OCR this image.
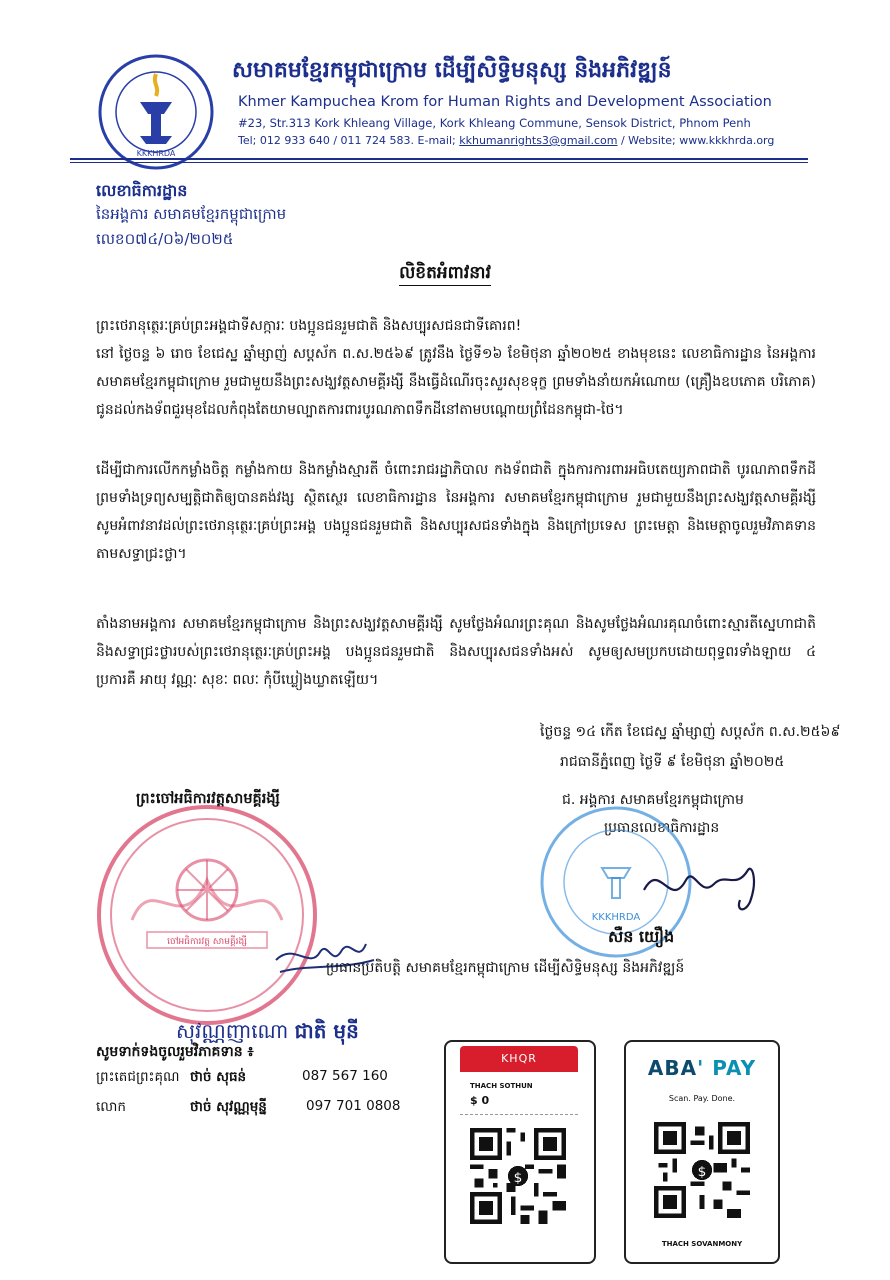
KKKHRDA
សមាគមខ្មែរកម្ពុជាក្រោម ដើម្បីសិទ្ធិមនុស្ស និងអភិវឌ្ឍន៍
Khmer Kampuchea Krom for Human Rights and Development Association
#23, Str.313 Kork Khleang Village, Kork Khleang Commune, Sensok District, Phnom Penh
Tel; 012 933 640 / 011 724 583. E-mail; kkhumanrights3@gmail.com / Website; www.kkkhrda.org
លេខាធិការដ្ឋាន
នៃអង្គការ សមាគមខ្មែរកម្ពុជាក្រោម
លេខ០៧៤/០៦/២០២៥
លិខិតអំពាវនាវ
ព្រះថេរានុត្ថេរៈគ្រប់ព្រះអង្គជាទីសក្ការៈ បងប្អូនជនរួមជាតិ និងសប្បុរសជនជាទីគោរព!
នៅ ថ្ងៃចន្ទ ៦ រោច ខែជេស្ឋ ឆ្នាំម្សាញ់ សប្តស័ក ព.ស.២៥៦៩ ត្រូវនឹង ថ្ងៃទី១៦ ខែមិថុនា ឆ្នាំ២០២៥ ខាងមុខនេះ លេខាធិការដ្ឋាន នៃអង្គការ សមាគមខ្មែរកម្ពុជាក្រោម រួមជាមួយនឹងព្រះសង្ឃវត្តសាមគ្គីរង្សី នឹងធ្វើដំណើរចុះសួរសុខទុក្ខ ព្រមទាំងនាំយកអំណោយ (គ្រឿងឧបភោគ បរិភោគ) ជូនដល់កងទ័ពជួរមុខដែលកំពុងតែយាមល្បាតការពារបូរណភាពទឹកដីនៅតាមបណ្តោយព្រំដែនកម្ពុជា-ថៃ។
ដើម្បីជាការលើកកម្លាំងចិត្ត កម្លាំងកាយ និងកម្លាំងស្មារតី ចំពោះរាជរដ្ឋាភិបាល កងទ័ពជាតិ ក្នុងការការពារអធិបតេយ្យភាពជាតិ បូរណភាពទឹកដី ព្រមទាំងទ្រព្យសម្បត្តិជាតិឲ្យបានគង់វង្ស ស្ថិតស្ថេរ លេខាធិការដ្ឋាន នៃអង្គការ សមាគមខ្មែរកម្ពុជាក្រោម រួមជាមួយនឹងព្រះសង្ឃវត្តសាមគ្គីរង្សី សូមអំពាវនាវដល់ព្រះថេរានុត្ថេរៈគ្រប់ព្រះអង្គ បងប្អូនជនរួមជាតិ និងសប្បុរសជនទាំងក្នុង និងក្រៅប្រទេស ព្រះមេត្តា និងមេត្តាចូលរួមវិភាគទានតាមសទ្ធាជ្រះថ្លា។
តាំងនាមអង្គការ សមាគមខ្មែរកម្ពុជាក្រោម និងព្រះសង្ឃវត្តសាមគ្គីរង្សី សូមថ្លែងអំណរព្រះគុណ និងសូមថ្លែងអំណរគុណចំពោះស្មារតីស្នេហាជាតិ និងសទ្ធាជ្រះថ្លារបស់ព្រះថេរានុត្ថេរៈគ្រប់ព្រះអង្គ បងប្អូនជនរួមជាតិ និងសប្បុរសជនទាំងអស់ សូមឲ្យសមប្រកបដោយពុទ្ធពរទាំងឡាយ ៤ ប្រការគឺ អាយុ វណ្ណៈ សុខៈ ពលៈ កុំបីឃ្លៀងឃ្លាតឡើយ។
ថ្ងៃចន្ទ ១៤ កើត ខែជេស្ឋ ឆ្នាំម្សាញ់ សប្តស័ក ព.ស.២៥៦៩
រាជធានីភ្នំពេញ ថ្ងៃទី ៩ ខែមិថុនា ឆ្នាំ២០២៥
ព្រះចៅអធិការវត្តសាមគ្គីរង្សី	ជ. អង្គការ សមាគមខ្មែរកម្ពុជាក្រោម
ប្រធានលេខាធិការដ្ឋាន
ចៅអធិការវត្ត សាមគ្គីរង្សី
KKKHRDA
សឺន យឿង
ប្រធានប្រតិបត្តិ សមាគមខ្មែរកម្ពុជាក្រោម ដើម្បីសិទ្ធិមនុស្ស និងអភិវឌ្ឍន៍
សុវណ្ណញាណោ ជាតិ មុនី
សូមទាក់ទងចូលរួមវិភាគទាន ៖
ព្រះតេជព្រះគុណ ថាច់ សុធន់	087 567 160
លោក	ថាច់ សុវណ្ណមុន្នី	097 701 0808
KHQR
THACH SOTHUN
$ 0
$
ABA' PAY
Scan. Pay. Done.
$
THACH SOVANMONY
